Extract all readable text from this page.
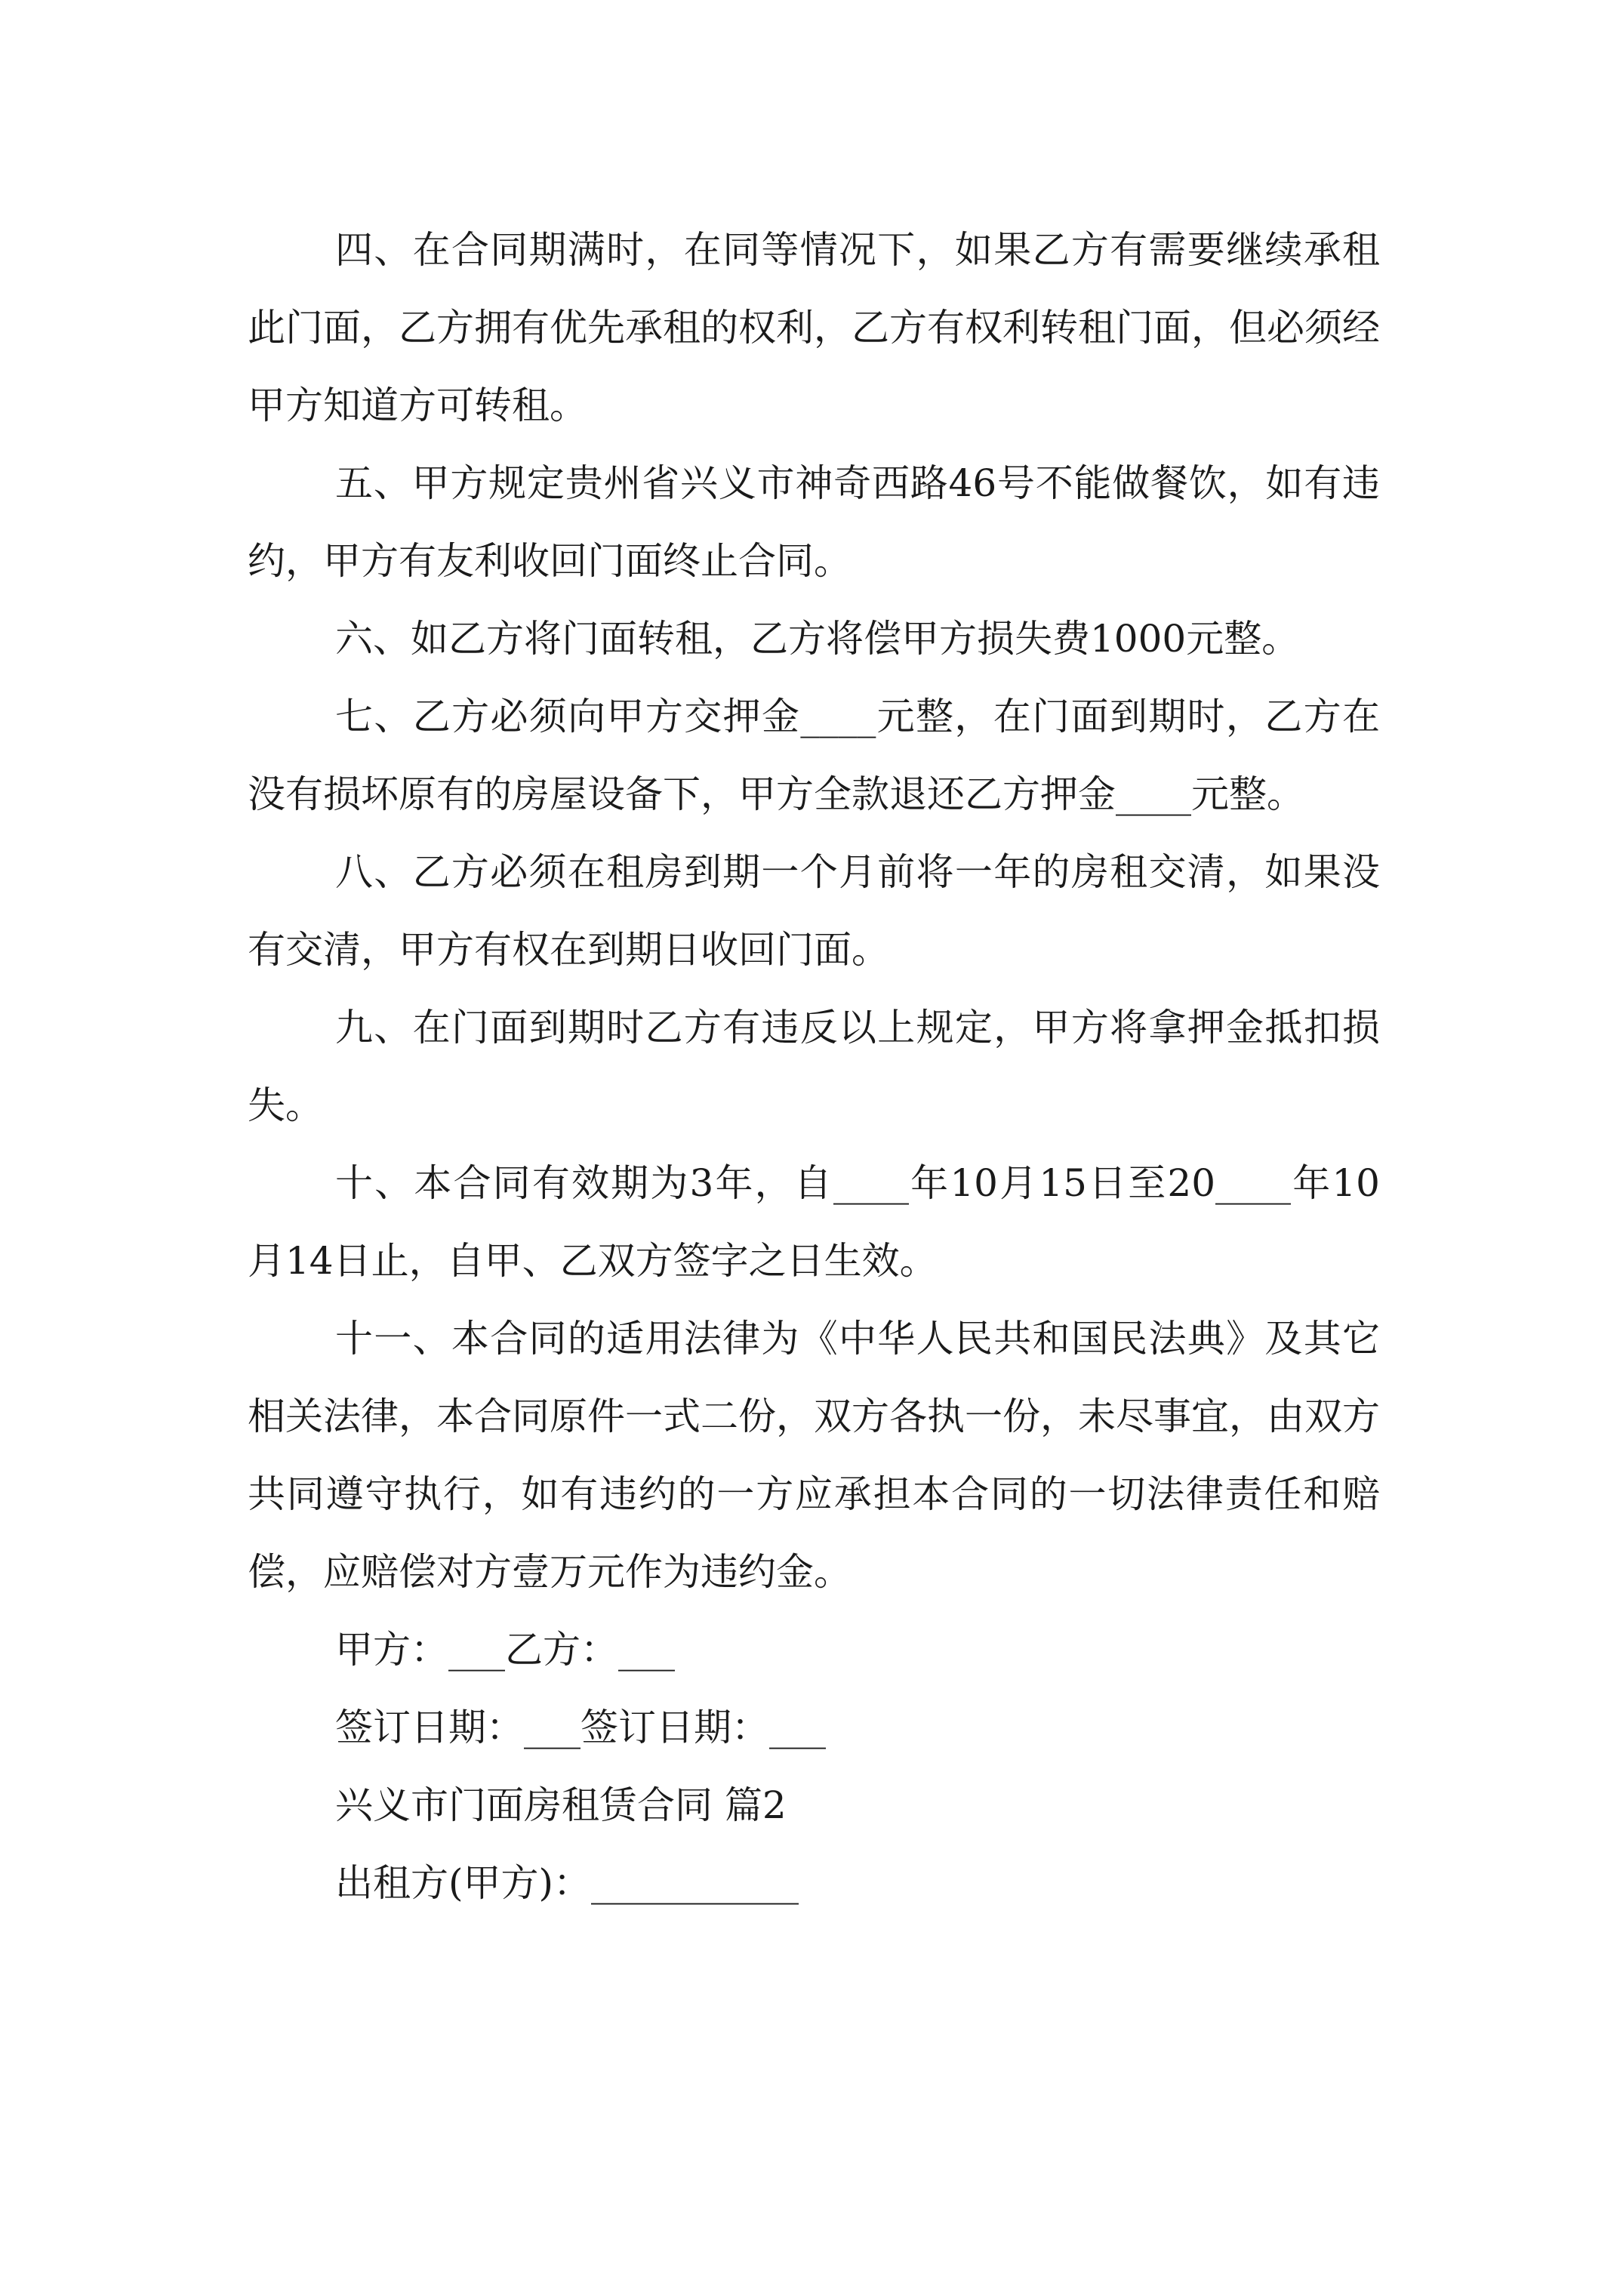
四、在合同期满时，在同等情况下，如果乙方有需要继续承租此门面，乙方拥有优先承租的权利，乙方有权利转租门面，但必须经甲方知道方可转租。

五、甲方规定贵州省兴义市神奇西路46号不能做餐饮，如有违约，甲方有友利收回门面终止合同。

六、如乙方将门面转租，乙方将偿甲方损失费1000元整。

七、乙方必须向甲方交押金____元整，在门面到期时，乙方在没有损坏原有的房屋设备下，甲方全款退还乙方押金____元整。

八、乙方必须在租房到期一个月前将一年的房租交清，如果没有交清，甲方有权在到期日收回门面。

九、在门面到期时乙方有违反以上规定，甲方将拿押金抵扣损失。

十、本合同有效期为3年，自____年10月15日至20____年10月14日止，自甲、乙双方签字之日生效。

十一、本合同的适用法律为《中华人民共和国民法典》及其它相关法律，本合同原件一式二份，双方各执一份，未尽事宜，由双方共同遵守执行，如有违约的一方应承担本合同的一切法律责任和赔偿，应赔偿对方壹万元作为违约金。

甲方：___乙方：___

签订日期：___签订日期：___

兴义市门面房租赁合同 篇2

出租方(甲方)：___________
